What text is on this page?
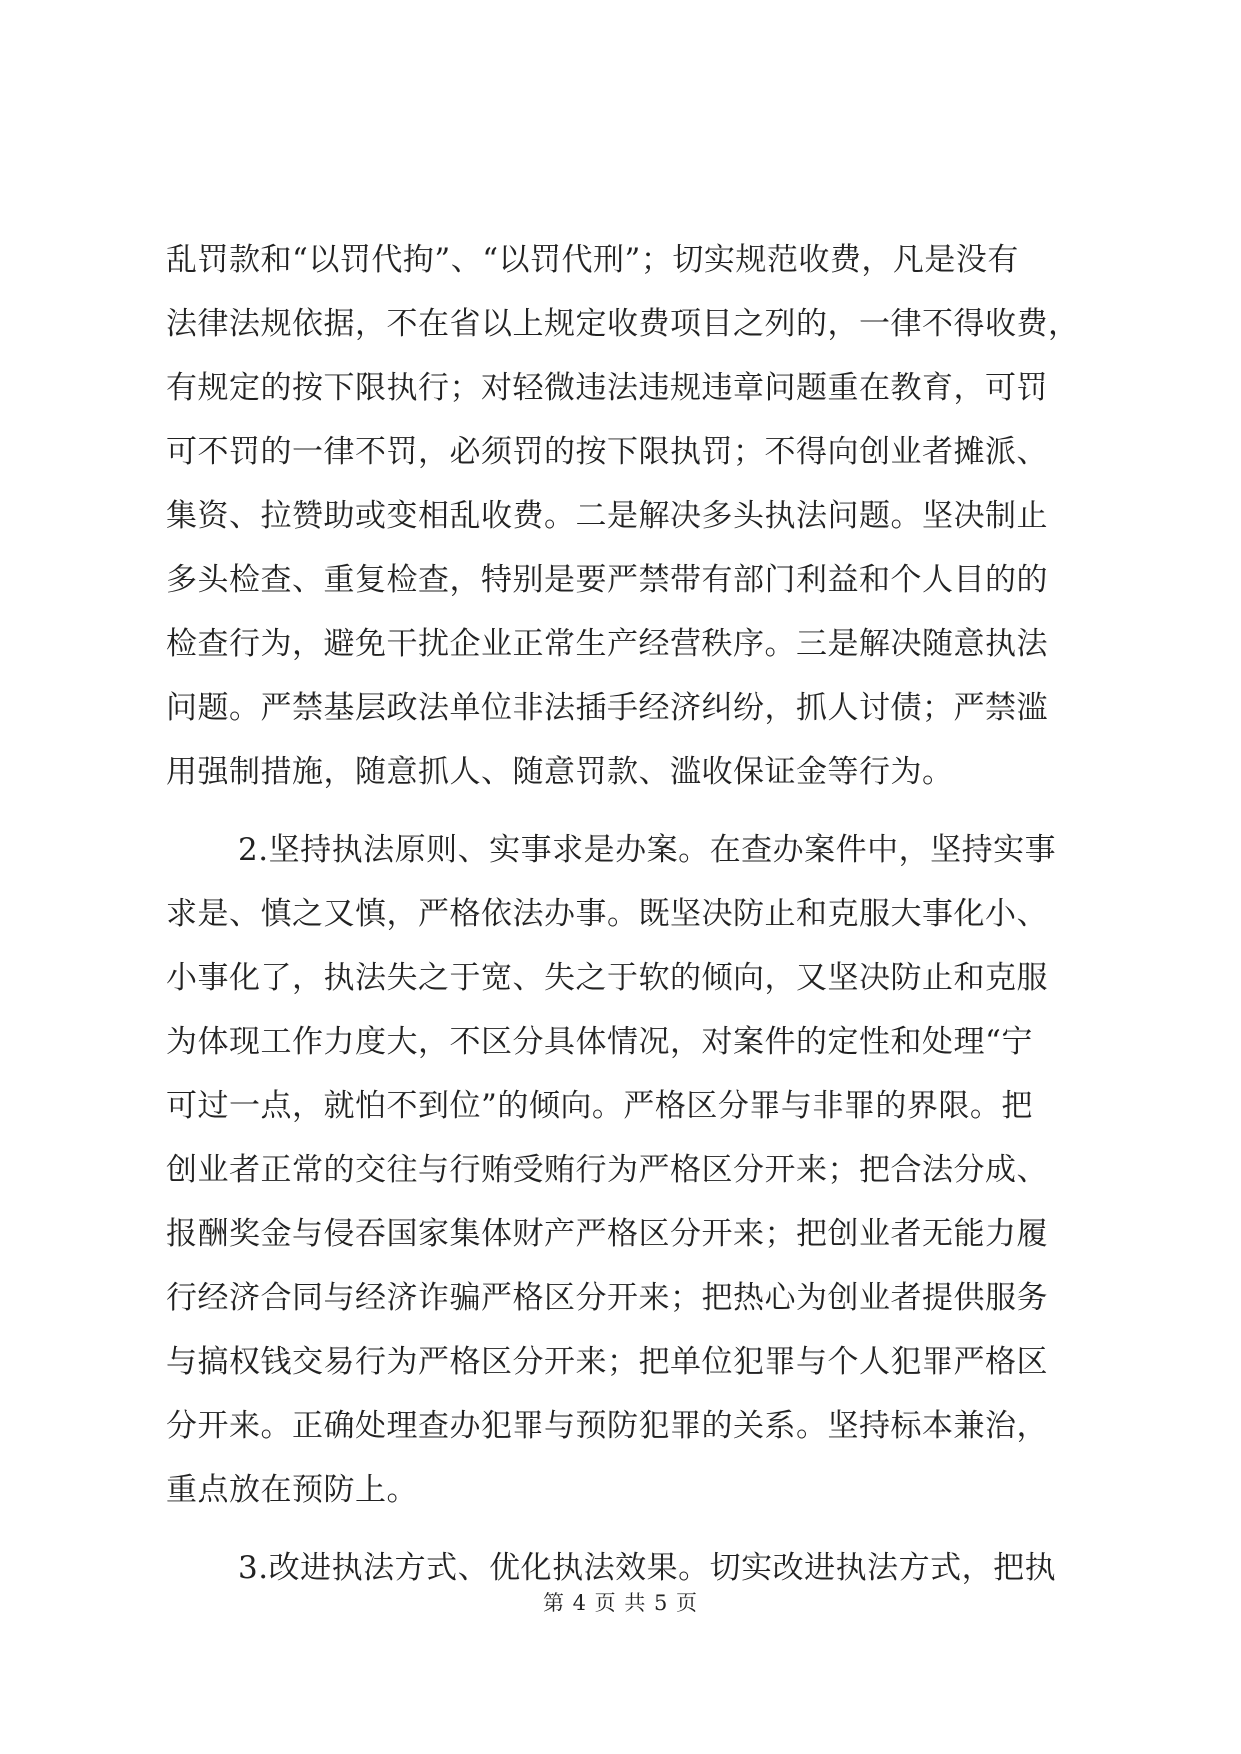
乱罚款和“以罚代拘”、“以罚代刑”；切实规范收费，凡是没有
法律法规依据，不在省以上规定收费项目之列的，一律不得收费，
有规定的按下限执行；对轻微违法违规违章问题重在教育，可罚
可不罚的一律不罚，必须罚的按下限执罚；不得向创业者摊派、
集资、拉赞助或变相乱收费。二是解决多头执法问题。坚决制止
多头检查、重复检查，特别是要严禁带有部门利益和个人目的的
检查行为，避免干扰企业正常生产经营秩序。三是解决随意执法
问题。严禁基层政法单位非法插手经济纠纷，抓人讨债；严禁滥
用强制措施，随意抓人、随意罚款、滥收保证金等行为。
2.坚持执法原则、实事求是办案。在查办案件中，坚持实事
求是、慎之又慎，严格依法办事。既坚决防止和克服大事化小、
小事化了，执法失之于宽、失之于软的倾向，又坚决防止和克服
为体现工作力度大，不区分具体情况，对案件的定性和处理“宁
可过一点，就怕不到位”的倾向。严格区分罪与非罪的界限。把
创业者正常的交往与行贿受贿行为严格区分开来；把合法分成、
报酬奖金与侵吞国家集体财产严格区分开来；把创业者无能力履
行经济合同与经济诈骗严格区分开来；把热心为创业者提供服务
与搞权钱交易行为严格区分开来；把单位犯罪与个人犯罪严格区
分开来。正确处理查办犯罪与预防犯罪的关系。坚持标本兼治，
重点放在预防上。
3.改进执法方式、优化执法效果。切实改进执法方式，把执
第 4 页 共 5 页
